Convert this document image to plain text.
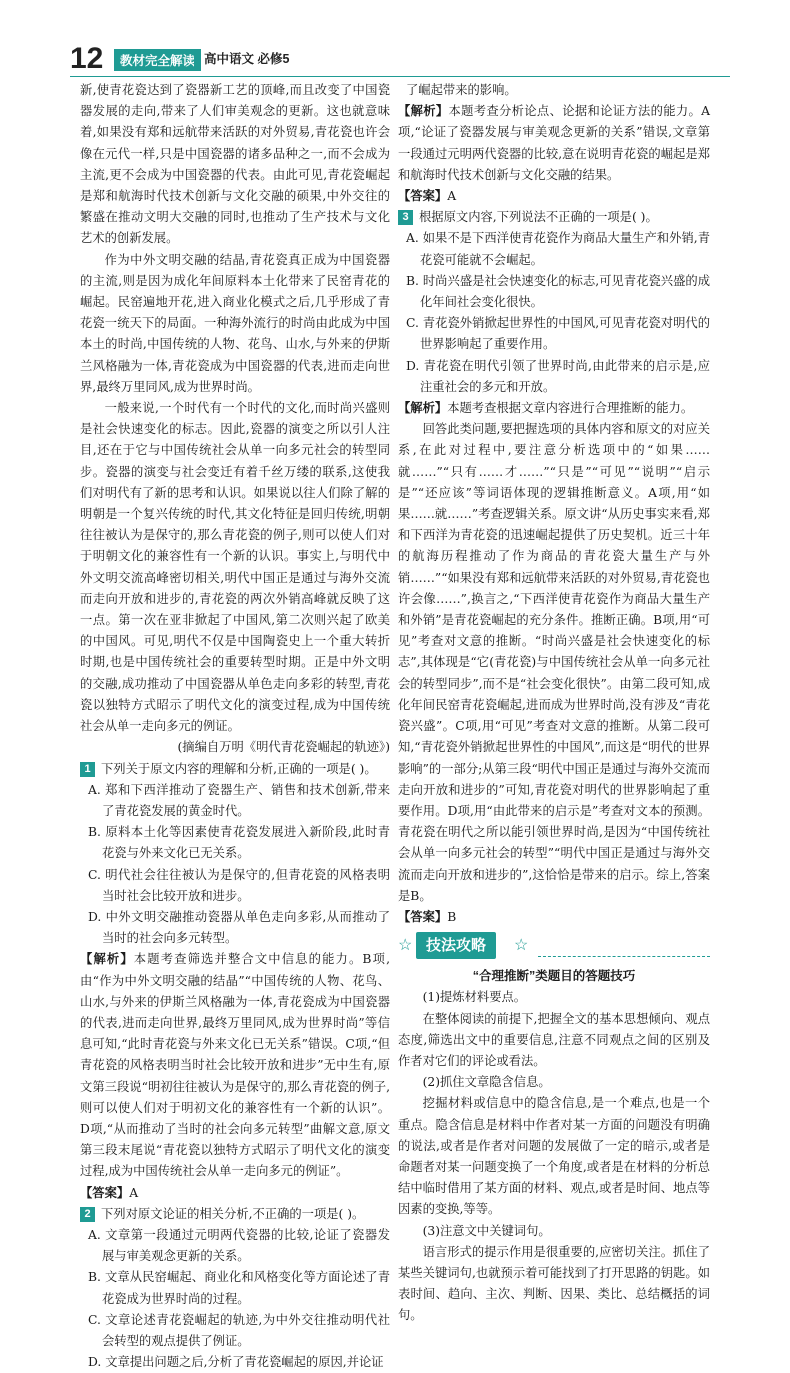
12	教材完全解读 高中语文 必修5

新,使青花瓷达到了瓷器新工艺的顶峰,而且改变了中国瓷器发展的走向,带来了人们审美观念的更新。这也就意味着,如果没有郑和远航带来活跃的对外贸易,青花瓷也许会像在元代一样,只是中国瓷器的诸多品种之一,而不会成为主流,更不会成为中国瓷器的代表。由此可见,青花瓷崛起是郑和航海时代技术创新与文化交融的硕果,中外交往的繁盛在推动文明大交融的同时,也推动了生产技术与文化艺术的创新发展。

作为中外文明交融的结晶,青花瓷真正成为中国瓷器的主流,则是因为成化年间原料本土化带来了民窑青花的崛起。民窑遍地开花,进入商业化模式之后,几乎形成了青花瓷一统天下的局面。一种海外流行的时尚由此成为中国本土的时尚,中国传统的人物、花鸟、山水,与外来的伊斯兰风格融为一体,青花瓷成为中国瓷器的代表,进而走向世界,最终万里同风,成为世界时尚。

一般来说,一个时代有一个时代的文化,而时尚兴盛则是社会快速变化的标志。因此,瓷器的演变之所以引人注目,还在于它与中国传统社会从单一向多元社会的转型同步。瓷器的演变与社会变迁有着千丝万缕的联系,这使我们对明代有了新的思考和认识。如果说以往人们除了解的明朝是一个复兴传统的时代,其文化特征是回归传统,明朝往往被认为是保守的,那么青花瓷的例子,则可以使人们对于明朝文化的兼容性有一个新的认识。事实上,与明代中外文明交流高峰密切相关,明代中国正是通过与海外交流而走向开放和进步的,青花瓷的两次外销高峰就反映了这一点。第一次在亚非掀起了中国风,第二次则兴起了欧美的中国风。可见,明代不仅是中国陶瓷史上一个重大转折时期,也是中国传统社会的重要转型时期。正是中外文明的交融,成功推动了中国瓷器从单色走向多彩的转型,青花瓷以独特方式昭示了明代文化的演变过程,成为中国传统社会从单一走向多元的例证。

(摘编自万明《明代青花瓷崛起的轨迹》)

1 下列关于原文内容的理解和分析,正确的一项是( )。

A. 郑和下西洋推动了瓷器生产、销售和技术创新,带来了青花瓷发展的黄金时代。

B. 原料本土化等因素使青花瓷发展进入新阶段,此时青花瓷与外来文化已无关系。

C. 明代社会往往被认为是保守的,但青花瓷的风格表明当时社会比较开放和进步。

D. 中外文明交融推动瓷器从单色走向多彩,从而推动了当时的社会向多元转型。

【解析】本题考查筛选并整合文中信息的能力。B项,由“作为中外文明交融的结晶”“中国传统的人物、花鸟、山水,与外来的伊斯兰风格融为一体,青花瓷成为中国瓷器的代表,进而走向世界,最终万里同风,成为世界时尚”等信息可知,“此时青花瓷与外来文化已无关系”错误。C项,“但青花瓷的风格表明当时社会比较开放和进步”无中生有,原文第三段说“明初往往被认为是保守的,那么青花瓷的例子,则可以使人们对于明初文化的兼容性有一个新的认识”。D项,“从而推动了当时的社会向多元转型”曲解文意,原文第三段末尾说“青花瓷以独特方式昭示了明代文化的演变过程,成为中国传统社会从单一走向多元的例证”。

【答案】A

2 下列对原文论证的相关分析,不正确的一项是( )。

A. 文章第一段通过元明两代瓷器的比较,论证了瓷器发展与审美观念更新的关系。

B. 文章从民窑崛起、商业化和风格变化等方面论述了青花瓷成为世界时尚的过程。

C. 文章论述青花瓷崛起的轨迹,为中外交往推动明代社会转型的观点提供了例证。

D. 文章提出问题之后,分析了青花瓷崛起的原因,并论证

了崛起带来的影响。

【解析】本题考查分析论点、论据和论证方法的能力。A项,“论证了瓷器发展与审美观念更新的关系”错误,文章第一段通过元明两代瓷器的比较,意在说明青花瓷的崛起是郑和航海时代技术创新与文化交融的结果。

【答案】A

3 根据原文内容,下列说法不正确的一项是( )。

A. 如果不是下西洋使青花瓷作为商品大量生产和外销,青花瓷可能就不会崛起。

B. 时尚兴盛是社会快速变化的标志,可见青花瓷兴盛的成化年间社会变化很快。

C. 青花瓷外销掀起世界性的中国风,可见青花瓷对明代的世界影响起了重要作用。

D. 青花瓷在明代引领了世界时尚,由此带来的启示是,应注重社会的多元和开放。

【解析】本题考查根据文章内容进行合理推断的能力。

回答此类问题,要把握选项的具体内容和原文的对应关系,在此对过程中,要注意分析选项中的“如果……就……”“只有……才……”“只是”“可见”“说明”“启示是”“还应该”等词语体现的逻辑推断意义。A项,用“如果……就……”考查逻辑关系。原文讲“从历史事实来看,郑和下西洋为青花瓷的迅速崛起提供了历史契机。近三十年的航海历程推动了作为商品的青花瓷大量生产与外销……”“如果没有郑和远航带来活跃的对外贸易,青花瓷也许会像……”,换言之,“下西洋使青花瓷作为商品大量生产和外销”是青花瓷崛起的充分条件。推断正确。B项,用“可见”考查对文意的推断。“时尚兴盛是社会快速变化的标志”,其体现是“它(青花瓷)与中国传统社会从单一向多元社会的转型同步”,而不是“社会变化很快”。由第二段可知,成化年间民窑青花瓷崛起,进而成为世界时尚,没有涉及“青花瓷兴盛”。C项,用“可见”考查对文意的推断。从第二段可知,“青花瓷外销掀起世界性的中国风”,而这是“明代的世界影响”的一部分;从第三段“明代中国正是通过与海外交流而走向开放和进步的”可知,青花瓷对明代的世界影响起了重要作用。D项,用“由此带来的启示是”考查对文本的预测。青花瓷在明代之所以能引领世界时尚,是因为“中国传统社会从单一向多元社会的转型”“明代中国正是通过与海外交流而走向开放和进步的”,这恰恰是带来的启示。综上,答案是B。

【答案】B

☆ 技法攻略 ☆

“合理推断”类题目的答题技巧

(1)提炼材料要点。

在整体阅读的前提下,把握全文的基本思想倾向、观点态度,筛选出文中的重要信息,注意不同观点之间的区别及作者对它们的评论或看法。

(2)抓住文章隐含信息。

挖掘材料或信息中的隐含信息,是一个难点,也是一个重点。隐含信息是材料中作者对某一方面的问题没有明确的说法,或者是作者对问题的发展做了一定的暗示,或者是命题者对某一问题变换了一个角度,或者是在材料的分析总结中临时借用了某方面的材料、观点,或者是时间、地点等因素的变换,等等。

(3)注意文中关键词句。

语言形式的提示作用是很重要的,应密切关注。抓住了某些关键词句,也就预示着可能找到了打开思路的钥匙。如表时间、趋向、主次、判断、因果、类比、总结概括的词句。
